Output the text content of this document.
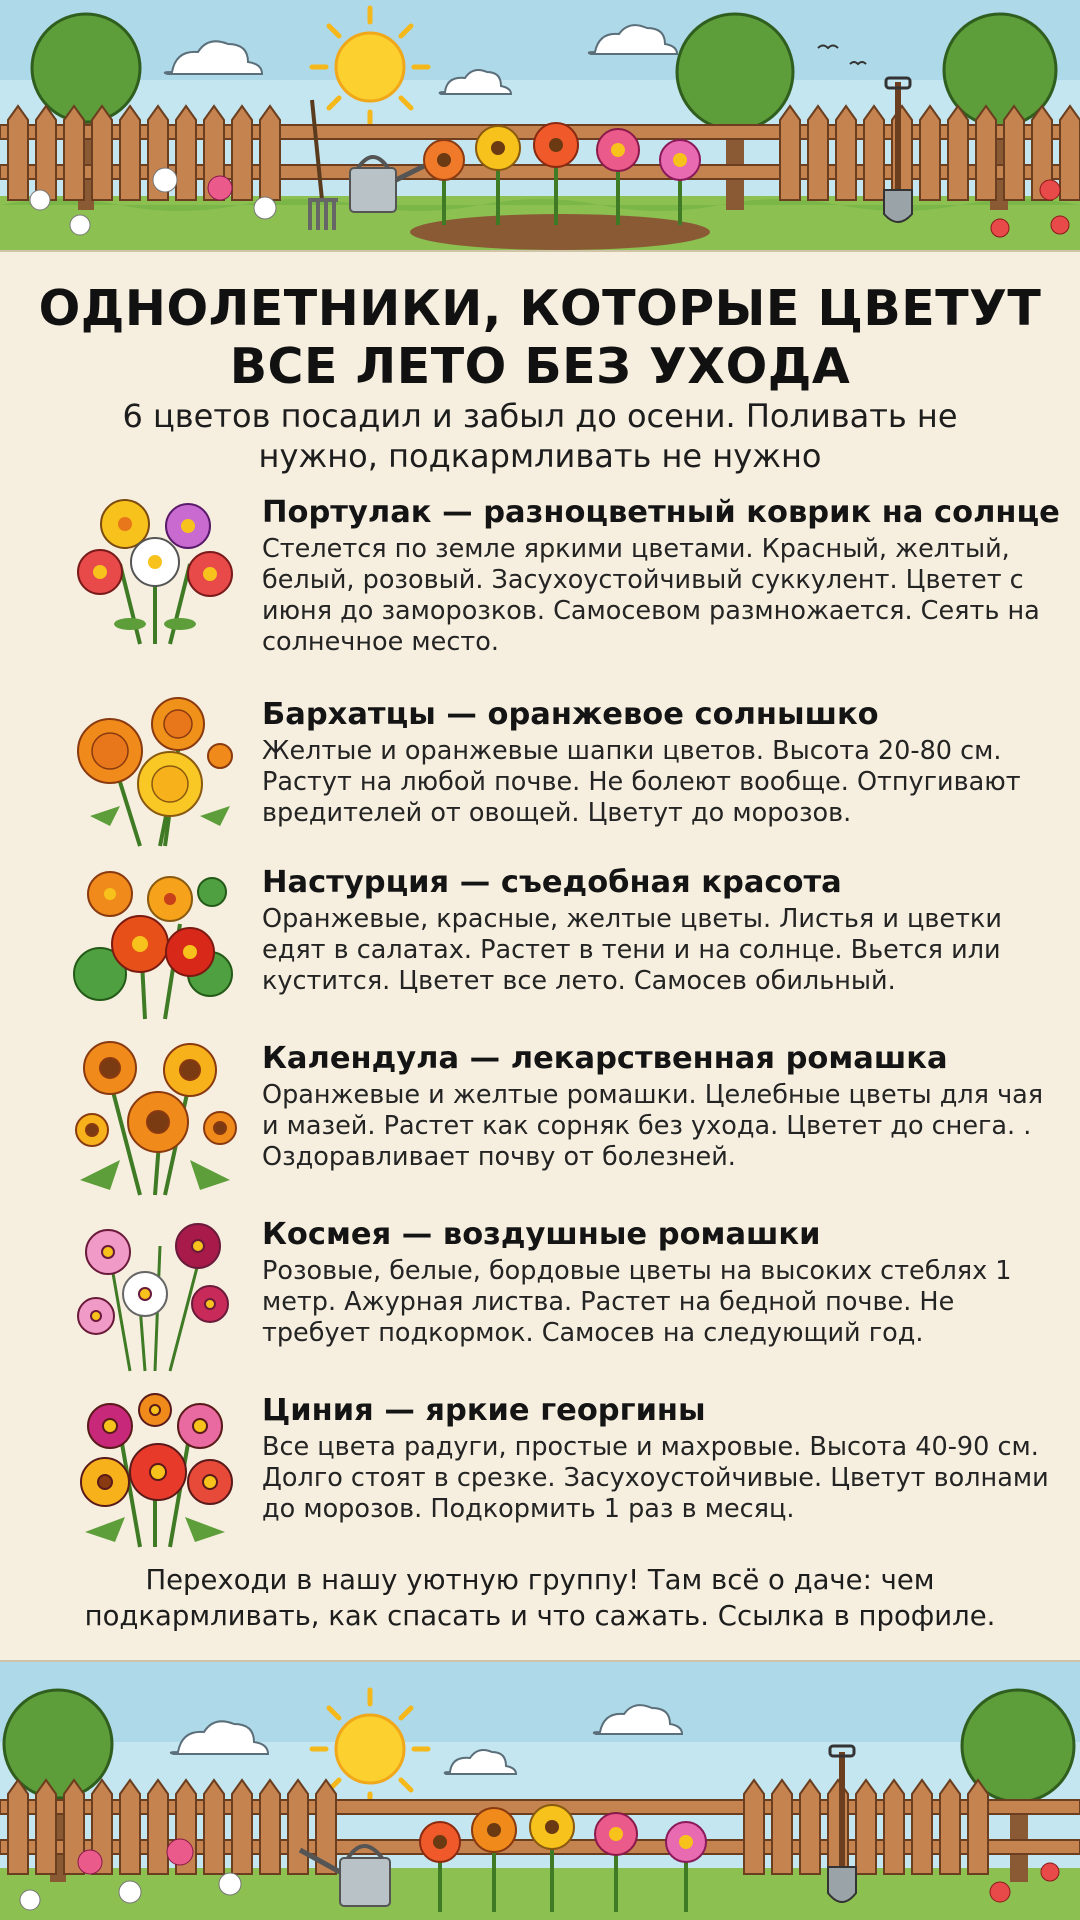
ОДНОЛЕТНИКИ, КОТОРЫЕ ЦВЕТУТ
ВСЕ ЛЕТО БЕЗ УХОДА

6 цветов посадил и забыл до осени. Поливать не нужно, подкармливать не нужно

Портулак — разноцветный коврик на солнце

Стелется по земле яркими цветами. Красный, желтый, белый, розовый. Засухоустойчивый суккулент. Цветет с июня до заморозков. Самосевом размножается. Сеять на солнечное место.

Бархатцы — оранжевое солнышко

Желтые и оранжевые шапки цветов. Высота 20-80 см. Растут на любой почве. Не болеют вообще. Отпугивают вредителей от овощей. Цветут до морозов.

Настурция — съедобная красота

Оранжевые, красные, желтые цветы. Листья и цветки едят в салатах. Растет в тени и на солнце. Вьется или кустится. Цветет все лето. Самосев обильный.

Календула — лекарственная ромашка

Оранжевые и желтые ромашки. Целебные цветы для чая и мазей. Растет как сорняк без ухода. Цветет до снега. . Оздоравливает почву от болезней.

Космея — воздушные ромашки

Розовые, белые, бордовые цветы на высоких стеблях 1 метр. Ажурная листва. Растет на бедной почве. Не требует подкормок. Самосев на следующий год.

Циния — яркие георгины

Все цвета радуги, простые и махровые. Высота 40-90 см. Долго стоят в срезке. Засухоустойчивые. Цветут волнами до морозов. Подкормить 1 раз в месяц.

Переходи в нашу уютную группу! Там всё о даче: чем подкармливать, как спасать и что сажать. Ссылка в профиле.
